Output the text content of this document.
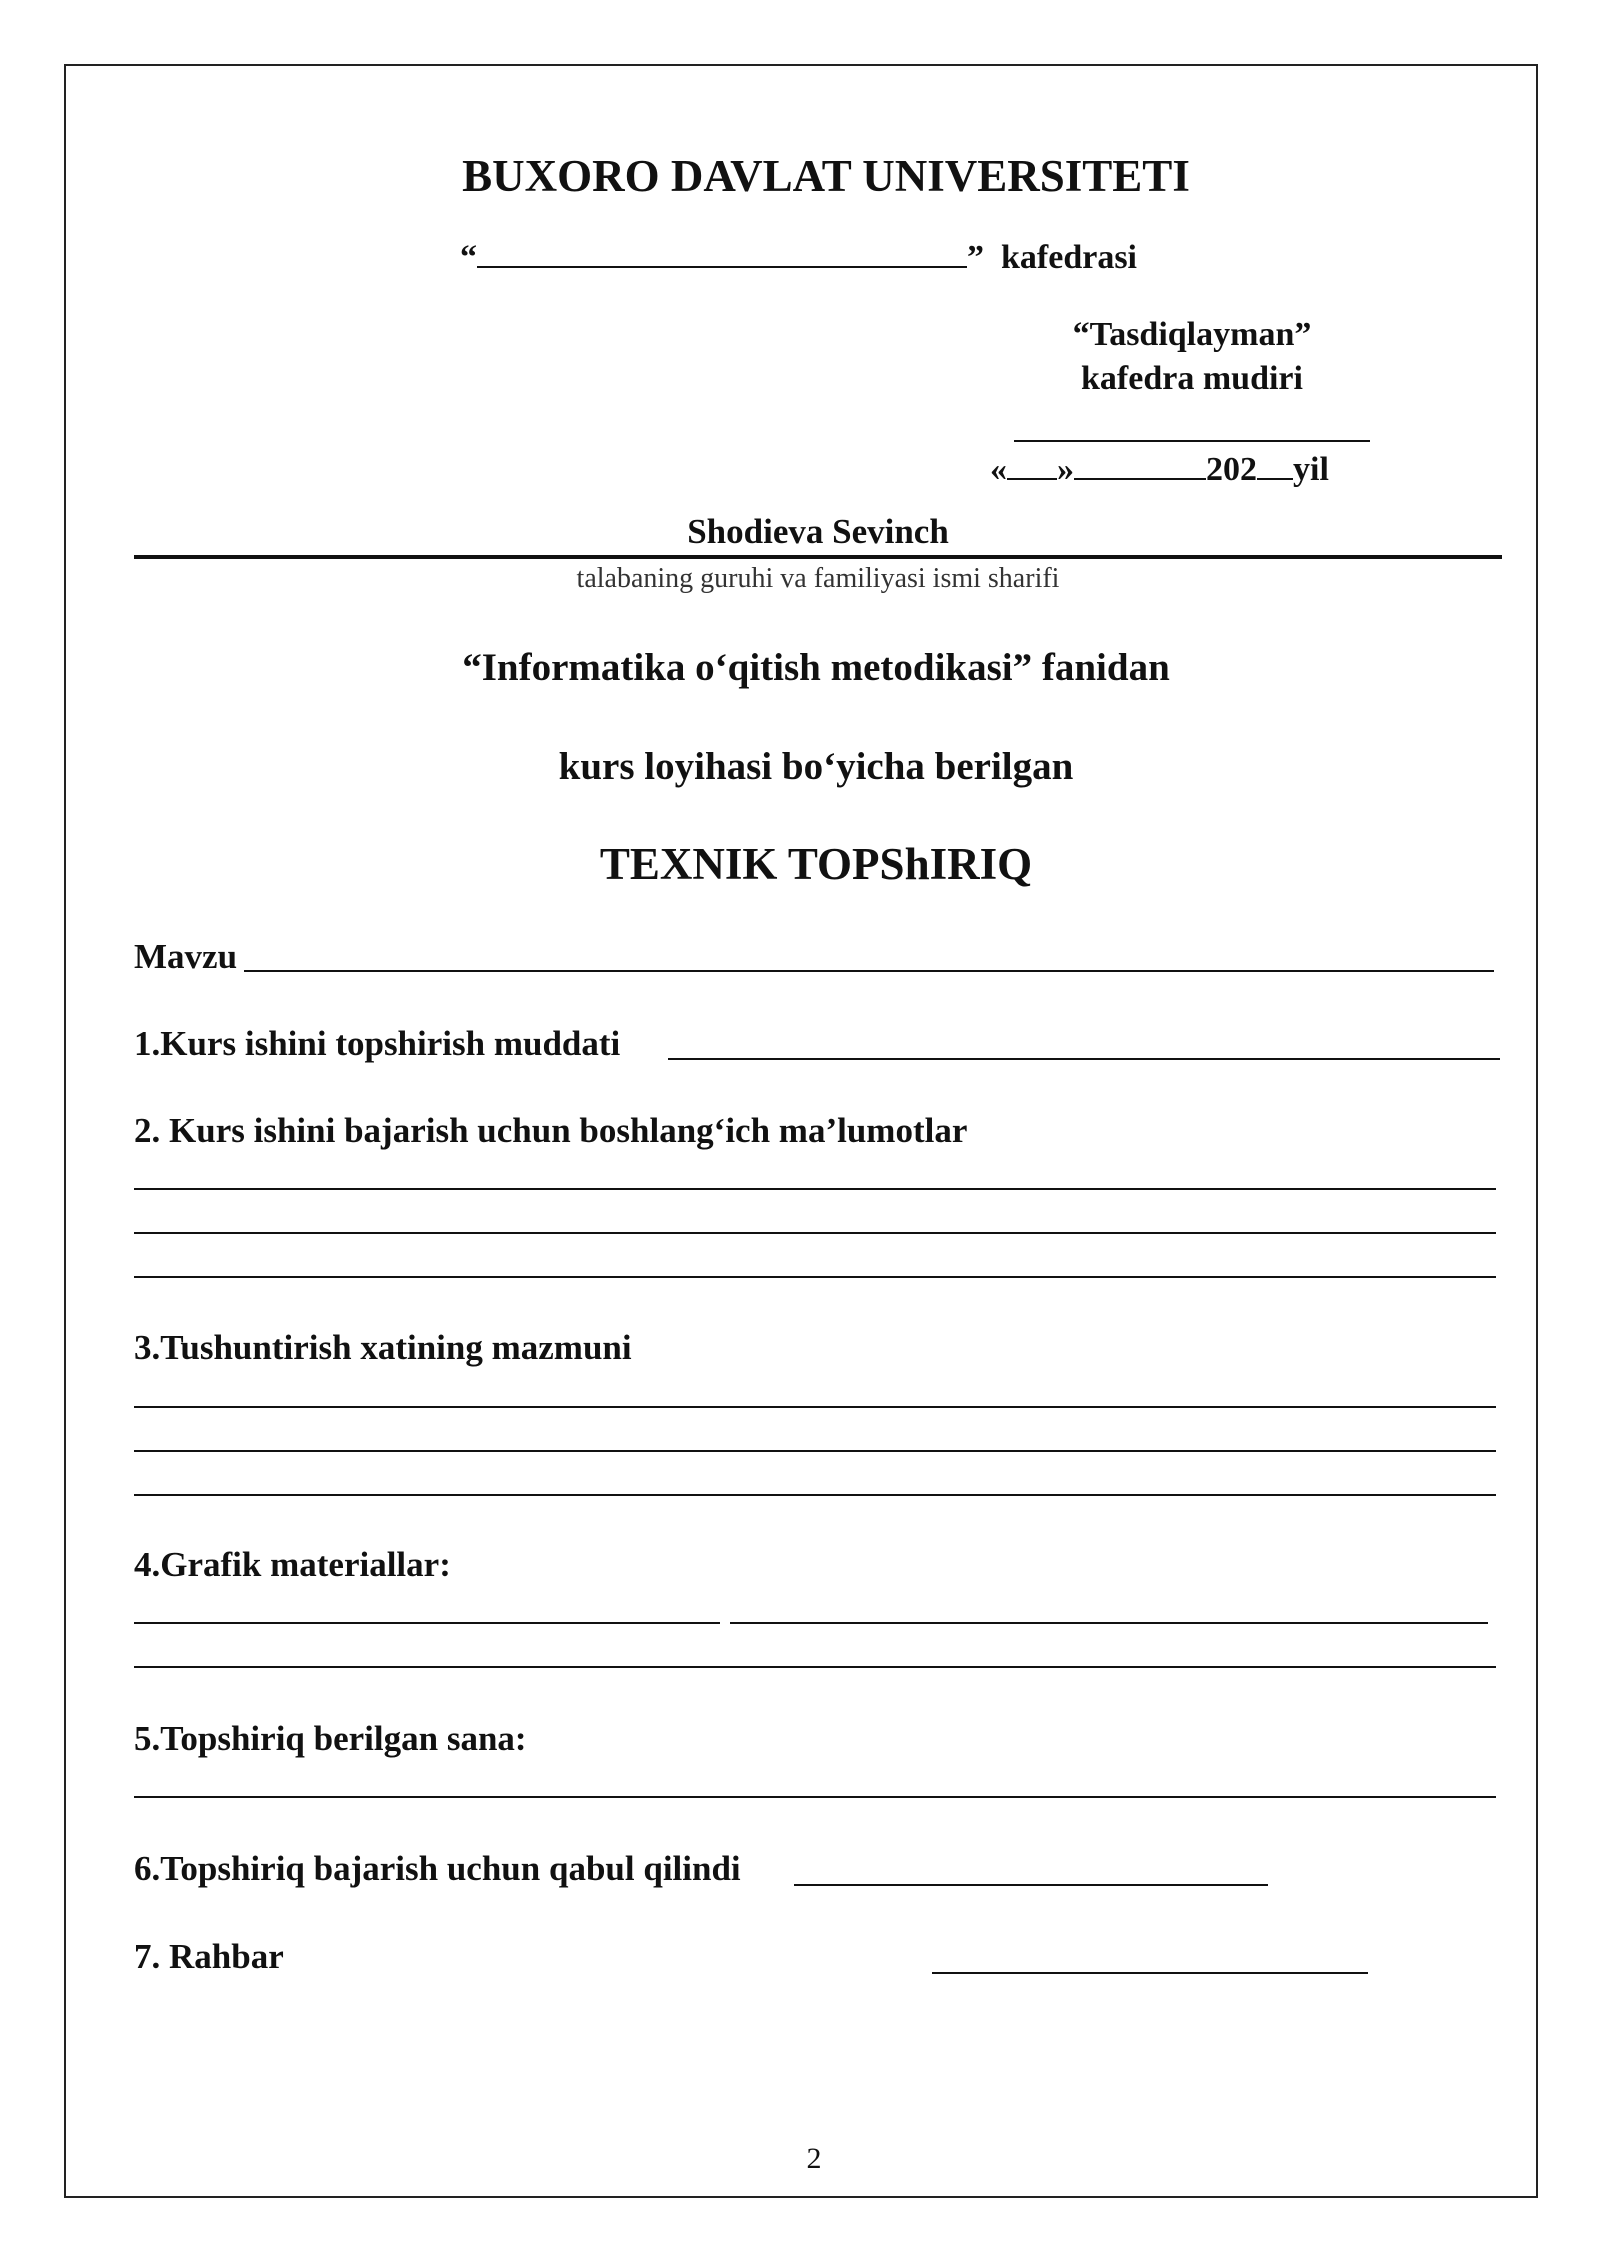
BUXORO DAVLAT UNIVERSITETI
“	” kafedrasi
“Tasdiqlayman”
kafedra mudiri
« »	202 yil
Shodieva Sevinch
talabaning guruhi va familiyasi ismi sharifi
“Informatika o‘qitish metodikasi” fanidan
kurs loyihasi bo‘yicha berilgan
TEXNIK TOPShIRIQ
Mavzu
1.Kurs ishini topshirish muddati
2. Kurs ishini bajarish uchun boshlang‘ich ma’lumotlar
3.Tushuntirish xatining mazmuni
4.Grafik materiallar:
5.Topshiriq berilgan sana:
6.Topshiriq bajarish uchun qabul qilindi
7. Rahbar
2
